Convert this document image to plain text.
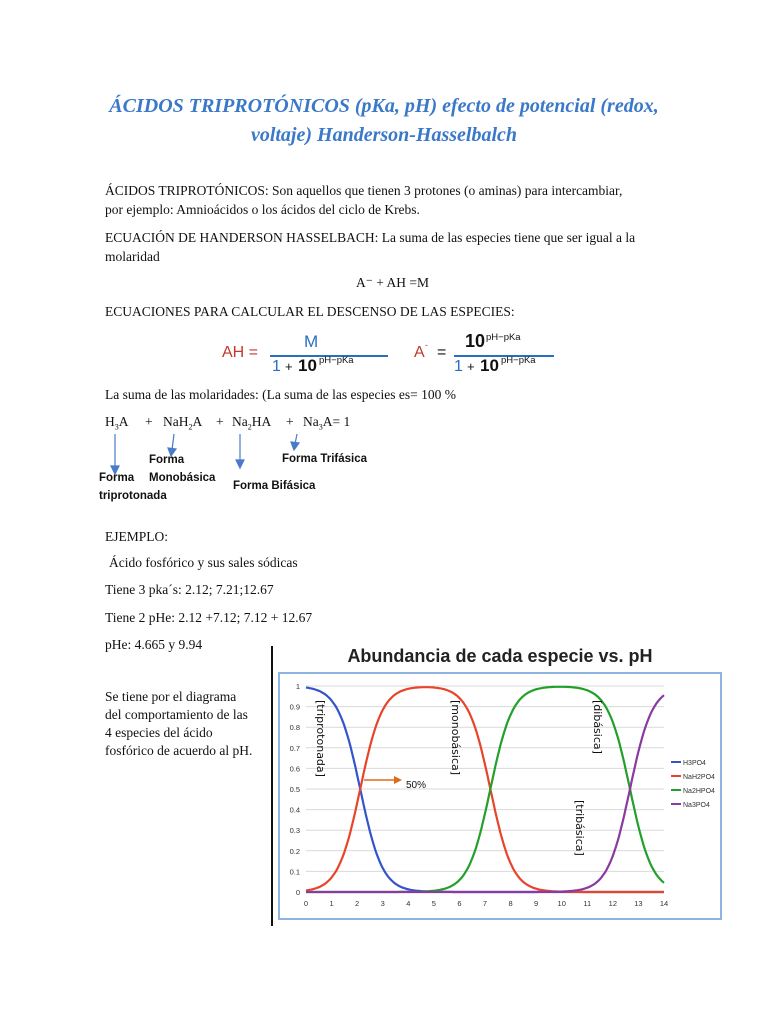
ÁCIDOS TRIPROTÓNICOS (pKa, pH) efecto de potencial (redox,
voltaje) Handerson-Hasselbalch
ÁCIDOS TRIPROTÓNICOS: Son aquellos que tienen 3 protones (o aminas) para intercambiar,
por ejemplo: Amnioácidos o los ácidos del ciclo de Krebs.
ECUACIÓN DE HANDERSON HASSELBACH: La suma de las especies tiene que ser igual a la
molaridad
A⁻ + AH =M
ECUACIONES PARA CALCULAR EL DESCENSO DE LAS ESPECIES:
AH =
M
1 + 10 pH−pKa	A - =
10 pH−pKa
1 + 10 pH−pKa
La suma de las molaridades: (La suma de las especies es= 100 %
$H_3A + NaH_2A + Na_2HA + Na_3A= 1$
Forma
triprotonada
Forma
Monobásica
Forma Bifásica
Forma Trifásica
EJEMPLO:
Ácido fosfórico y sus sales sódicas
Tiene 3 pka´s: 2.12; 7.21;12.67
Tiene 2 pHe: 2.12 +7.12; 7.12 + 12.67
pHe: 4.665 y 9.94
Se tiene por el diagrama
del comportamiento de las
4 especies del ácido
fosfórico de acuerdo al pH.
Abundancia de cada especie vs. pH
0
0.1
0.2
0.3
0.4
0.5
0.6
0.7
0.8
0.9
1
0	1	2	3	4	5	6	7	8	9	10 11 12 13 14
H3PO4
NaH2PO4
Na2HPO4
Na3PO4
[triprotonada]	[monobásica]	[dibásica]
[tribásica]
50%
